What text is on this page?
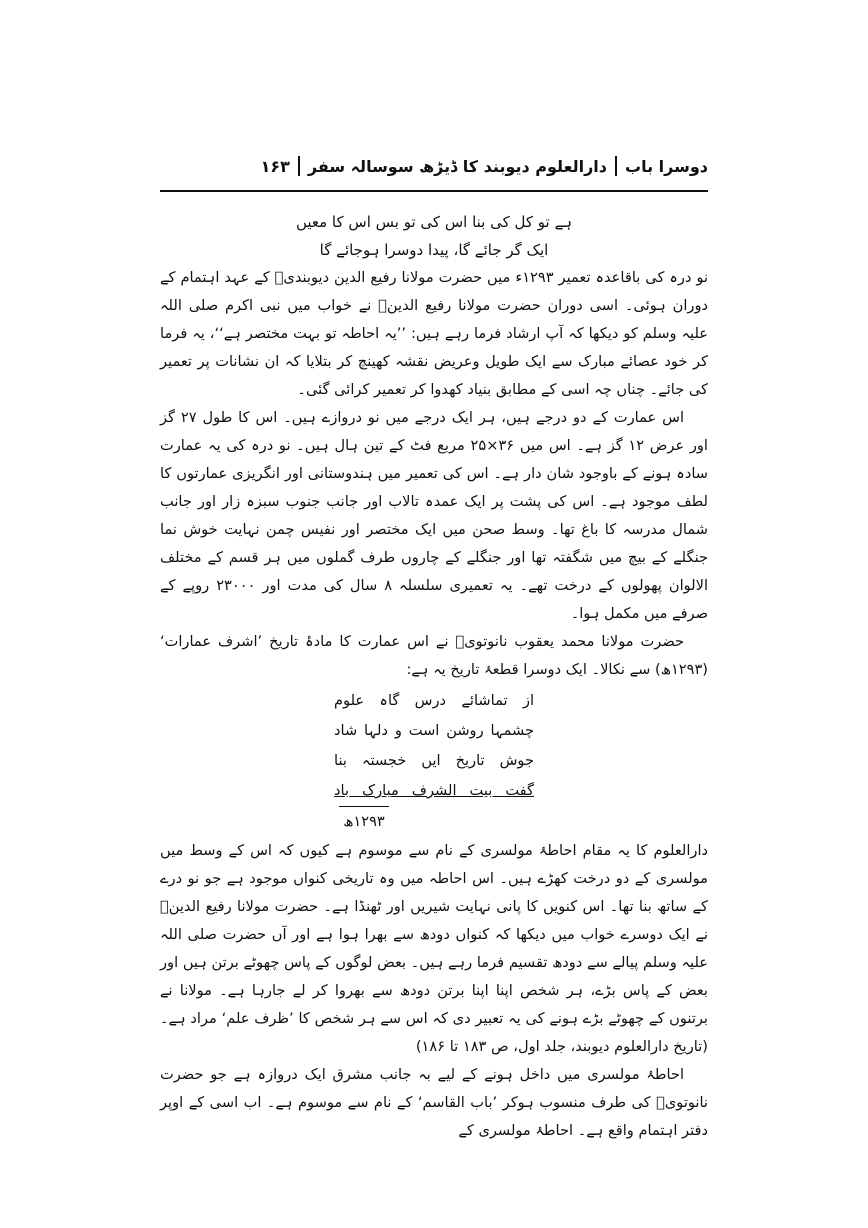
دوسرا باب
دارالعلوم دیوبند کا ڈیڑھ سوسالہ سفر
۱۶۳
ہے تو کل کی بنا اس کی تو بس اس کا معیں
ایک گر جائے گا، پیدا دوسرا ہوجائے گا

نو درہ کی باقاعدہ تعمیر ۱۲۹۳ء میں حضرت مولانا رفیع الدین دیوبندیؒ کے عہد اہتمام کے دوران ہوئی۔ اسی دوران حضرت مولانا رفیع الدینؒ نے خواب میں نبی اکرم صلی اللہ علیہ وسلم کو دیکھا کہ آپ ارشاد فرما رہے ہیں: ’’یہ احاطہ تو بہت مختصر ہے‘‘، یہ فرما کر خود عصائے مبارک سے ایک طویل وعریض نقشہ کھینچ کر بتلایا کہ ان نشانات پر تعمیر کی جائے۔ چناں چہ اسی کے مطابق بنیاد کھدوا کر تعمیر کرائی گئی۔

اس عمارت کے دو درجے ہیں، ہر ایک درجے میں نو دروازے ہیں۔ اس کا طول ۲۷ گز اور عرض ۱۲ گز ہے۔ اس میں ۳۶×۲۵ مربع فٹ کے تین ہال ہیں۔ نو درہ کی یہ عمارت سادہ ہونے کے باوجود شان دار ہے۔ اس کی تعمیر میں ہندوستانی اور انگریزی عمارتوں کا لطف موجود ہے۔ اس کی پشت پر ایک عمدہ تالاب اور جانب جنوب سبزہ زار اور جانب شمال مدرسہ کا باغ تھا۔ وسط صحن میں ایک مختصر اور نفیس چمن نہایت خوش نما جنگلے کے بیچ میں شگفتہ تھا اور جنگلے کے چاروں طرف گملوں میں ہر قسم کے مختلف الالوان پھولوں کے درخت تھے۔ یہ تعمیری سلسلہ ۸ سال کی مدت اور ۲۳۰۰۰ روپے کے صرفے میں مکمل ہوا۔

حضرت مولانا محمد یعقوب نانوتویؒ نے اس عمارت کا مادۂ تاریخ ’اشرف عمارات‘ (۱۲۹۳ھ) سے نکالا۔ ایک دوسرا قطعۂ تاریخ یہ ہے:

از تماشائے درس گاہ علوم
چشمہا روشن است و دلہا شاد
جوش تاریخ ایں خجستہ بنا
گفت بیت الشرف مبارک باد
۱۲۹۳ھ

دارالعلوم کا یہ مقام احاطۂ مولسری کے نام سے موسوم ہے کیوں کہ اس کے وسط میں مولسری کے دو درخت کھڑے ہیں۔ اس احاطہ میں وہ تاریخی کنواں موجود ہے جو نو درے کے ساتھ بنا تھا۔ اس کنویں کا پانی نہایت شیریں اور ٹھنڈا ہے۔ حضرت مولانا رفیع الدینؒ نے ایک دوسرے خواب میں دیکھا کہ کنواں دودھ سے بھرا ہوا ہے اور آں حضرت صلی اللہ علیہ وسلم پیالے سے دودھ تقسیم فرما رہے ہیں۔ بعض لوگوں کے پاس چھوٹے برتن ہیں اور بعض کے پاس بڑے، ہر شخص اپنا اپنا برتن دودھ سے بھروا کر لے جارہا ہے۔ مولانا نے برتنوں کے چھوٹے بڑے ہونے کی یہ تعبیر دی کہ اس سے ہر شخص کا ’ظرف علم‘ مراد ہے۔ (تاریخ دارالعلوم دیوبند، جلد اول، ص ۱۸۳ تا ۱۸۶)

احاطۂ مولسری میں داخل ہونے کے لیے بہ جانب مشرق ایک دروازہ ہے جو حضرت نانوتویؒ کی طرف منسوب ہوکر ’باب القاسم‘ کے نام سے موسوم ہے۔ اب اسی کے اوپر دفتر اہتمام واقع ہے۔ احاطۂ مولسری کے
